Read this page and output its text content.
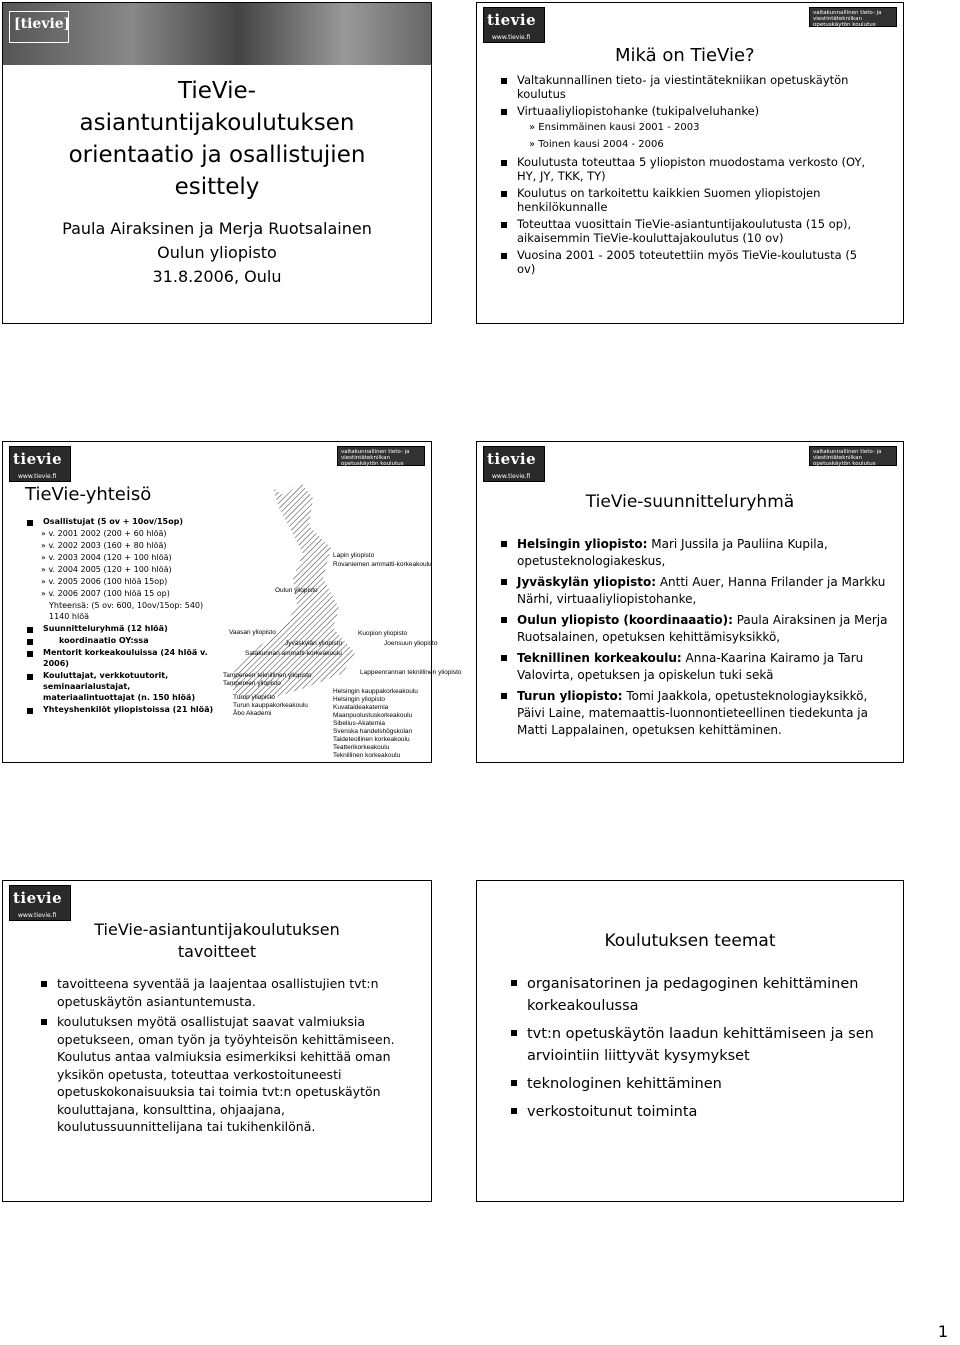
[tievie]
TieVie-
asiantuntijakoulutuksen
orientaatio ja osallistujien
esittely
Paula Airaksinen ja Merja Ruotsalainen
Oulun yliopisto
31.8.2006, Oulu
tievie
www.tievie.fi
valtakunnallinen tieto- ja viestintätekniikan opetuskäytön koulutus
Mikä on TieVie?
Valtakunnallinen tieto- ja viestintätekniikan opetuskäytön koulutus
Virtuaaliyliopistohanke (tukipalveluhanke)
» Ensimmäinen kausi 2001 - 2003
» Toinen kausi 2004 - 2006
Koulutusta toteuttaa 5 yliopiston muodostama verkosto (OY, HY, JY, TKK, TY)
Koulutus on tarkoitettu kaikkien Suomen yliopistojen henkilökunnalle
Toteuttaa vuosittain TieVie-asiantuntijakoulutusta (15 op), aikaisemmin TieVie-kouluttajakoulutus (10 ov)
Vuosina 2001 - 2005 toteutettiin myös TieVie-koulutusta (5 ov)
tievie
www.tievie.fi
valtakunnallinen tieto- ja viestintätekniikan opetuskäytön koulutus
TieVie-yhteisö
Osallistujat (5 ov + 10ov/15op)
» v. 2001 2002 (200 + 60 hlöä)
» v. 2002 2003 (160 + 80 hlöä)
» v. 2003 2004 (120 + 100 hlöä)
» v. 2004 2005 (120 + 100 hlöä)
» v. 2005 2006 (100 hlöä 15op)
» v. 2006 2007 (100 hlöä 15 op)
Yhteensä: (5 ov: 600, 10ov/15op: 540) 1140 hlöä
Suunnitteluryhmä (12 hlöä)
koordinaatio OY:ssa
Mentorit korkeakouluissa (24 hlöä v. 2006)
Kouluttajat, verkkotuutorit, seminaarialustajat, materiaalintuottajat (n. 150 hlöä)
Yhteyshenkilöt yliopistoissa (21 hlöä)
Lapin yliopisto
Rovaniemen ammatti-korkeakoulu
Oulun yliopisto
Vaasan yliopisto	Kuopion yliopisto
Jyväskylän yliopisto	Joensuun yliopisto
Satakunnan ammatti-korkeakoulu
Tampereen teknillinen yliopisto
Tampereen yliopisto
Lappeenrannan teknillinen yliopisto
Turun yliopisto
Turun kauppakorkeakoulu
Åbo Akademi
Helsingin kauppakorkeakoulu
Helsingin yliopisto
Kuvataideakatemia
Maanpuolustuskorkeakoulu
Sibelius-Akatemia
Svenska handelshögskolan
Taideteollinen korkeakoulu
Teatterikorkeakoulu
Teknillinen korkeakoulu
tievie
www.tievie.fi
valtakunnallinen tieto- ja viestintätekniikan opetuskäytön koulutus
TieVie-suunnitteluryhmä
Helsingin yliopisto: Mari Jussila ja Pauliina Kupila, opetusteknologiakeskus,
Jyväskylän yliopisto: Antti Auer, Hanna Frilander ja Markku Närhi, virtuaaliyliopistohanke,
Oulun yliopisto (koordinaaatio): Paula Airaksinen ja Merja Ruotsalainen, opetuksen kehittämisyksikkö,
Teknillinen korkeakoulu: Anna-Kaarina Kairamo ja Taru Valovirta, opetuksen ja opiskelun tuki sekä
Turun yliopisto: Tomi Jaakkola, opetusteknologiayksikkö, Päivi Laine, matemaattis-luonnontieteellinen tiedekunta ja Matti Lappalainen, opetuksen kehittäminen.
tievie
www.tievie.fi
TieVie-asiantuntijakoulutuksen
tavoitteet
tavoitteena syventää ja laajentaa osallistujien tvt:n opetuskäytön asiantuntemusta.
koulutuksen myötä osallistujat saavat valmiuksia opetukseen, oman työn ja työyhteisön kehittämiseen. Koulutus antaa valmiuksia esimerkiksi kehittää oman yksikön opetusta, toteuttaa verkostoituneesti opetuskokonaisuuksia tai toimia tvt:n opetuskäytön kouluttajana, konsulttina, ohjaajana, koulutussuunnittelijana tai tukihenkilönä.
Koulutuksen teemat
organisatorinen ja pedagoginen kehittäminen korkeakoulussa
tvt:n opetuskäytön laadun kehittämiseen ja sen arviointiin liittyvät kysymykset
teknologinen kehittäminen
verkostoitunut toiminta
1
